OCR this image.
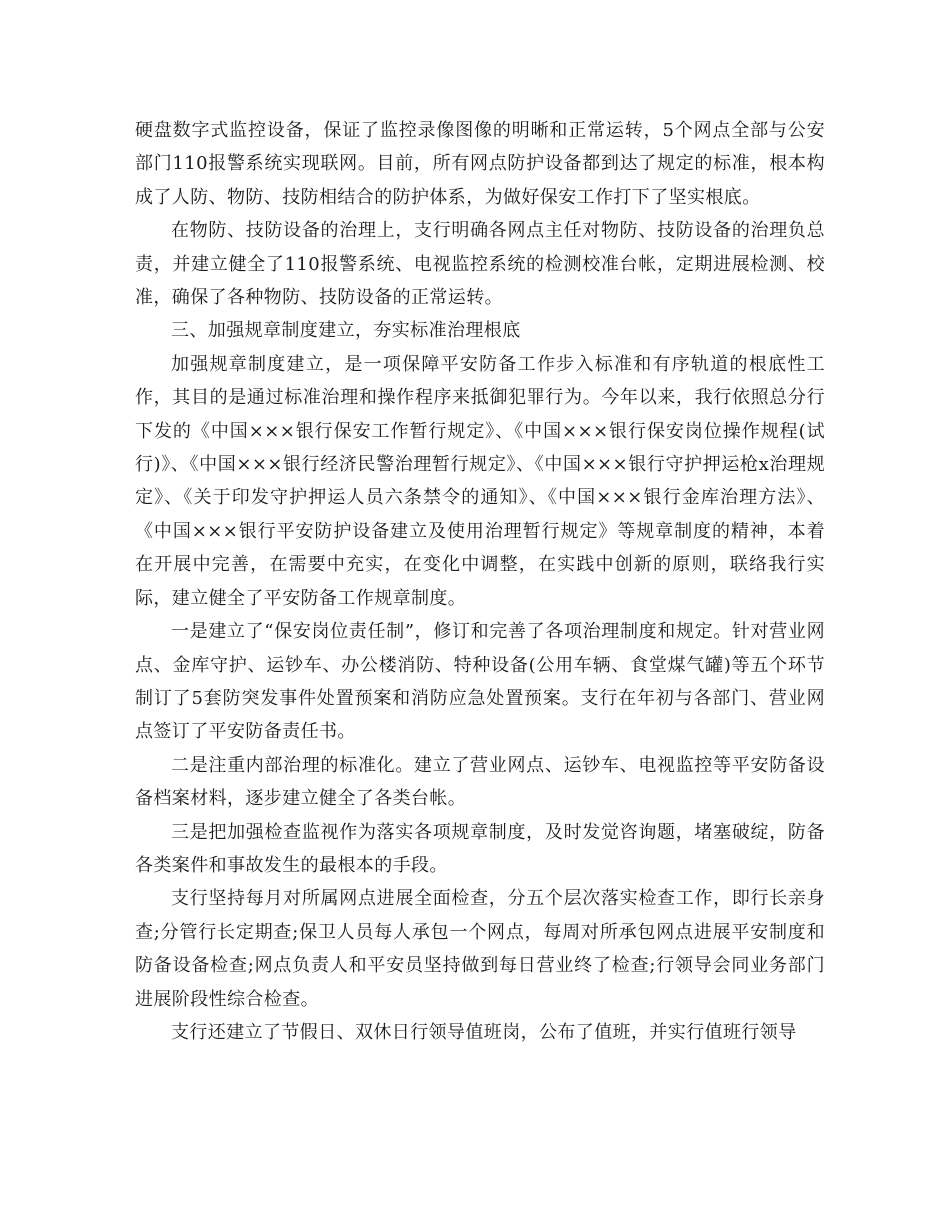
硬盘数字式监控设备，保证了监控录像图像的明晰和正常运转，5个网点全部与公安部门110报警系统实现联网。目前，所有网点防护设备都到达了规定的标准，根本构成了人防、物防、技防相结合的防护体系，为做好保安工作打下了坚实根底。

在物防、技防设备的治理上，支行明确各网点主任对物防、技防设备的治理负总责，并建立健全了110报警系统、电视监控系统的检测校准台帐，定期进展检测、校准，确保了各种物防、技防设备的正常运转。

三、加强规章制度建立，夯实标准治理根底

加强规章制度建立，是一项保障平安防备工作步入标准和有序轨道的根底性工作，其目的是通过标准治理和操作程序来抵御犯罪行为。今年以来，我行依照总分行下发的《中国×××银行保安工作暂行规定》、《中国×××银行保安岗位操作规程(试行)》、《中国×××银行经济民警治理暂行规定》、《中国×××银行守护押运枪x治理规定》、《关于印发守护押运人员六条禁令的通知》、《中国×××银行金库治理方法》、《中国×××银行平安防护设备建立及使用治理暂行规定》等规章制度的精神，本着在开展中完善，在需要中充实，在变化中调整，在实践中创新的原则，联络我行实际，建立健全了平安防备工作规章制度。

一是建立了“保安岗位责任制”，修订和完善了各项治理制度和规定。针对营业网点、金库守护、运钞车、办公楼消防、特种设备(公用车辆、食堂煤气罐)等五个环节制订了5套防突发事件处置预案和消防应急处置预案。支行在年初与各部门、营业网点签订了平安防备责任书。

二是注重内部治理的标准化。建立了营业网点、运钞车、电视监控等平安防备设备档案材料，逐步建立健全了各类台帐。

三是把加强检查监视作为落实各项规章制度，及时发觉咨询题，堵塞破绽，防备各类案件和事故发生的最根本的手段。

支行坚持每月对所属网点进展全面检查，分五个层次落实检查工作，即行长亲身查;分管行长定期查;保卫人员每人承包一个网点，每周对所承包网点进展平安制度和防备设备检查;网点负责人和平安员坚持做到每日营业终了检查;行领导会同业务部门进展阶段性综合检查。

支行还建立了节假日、双休日行领导值班岗，公布了值班，并实行值班行领导
